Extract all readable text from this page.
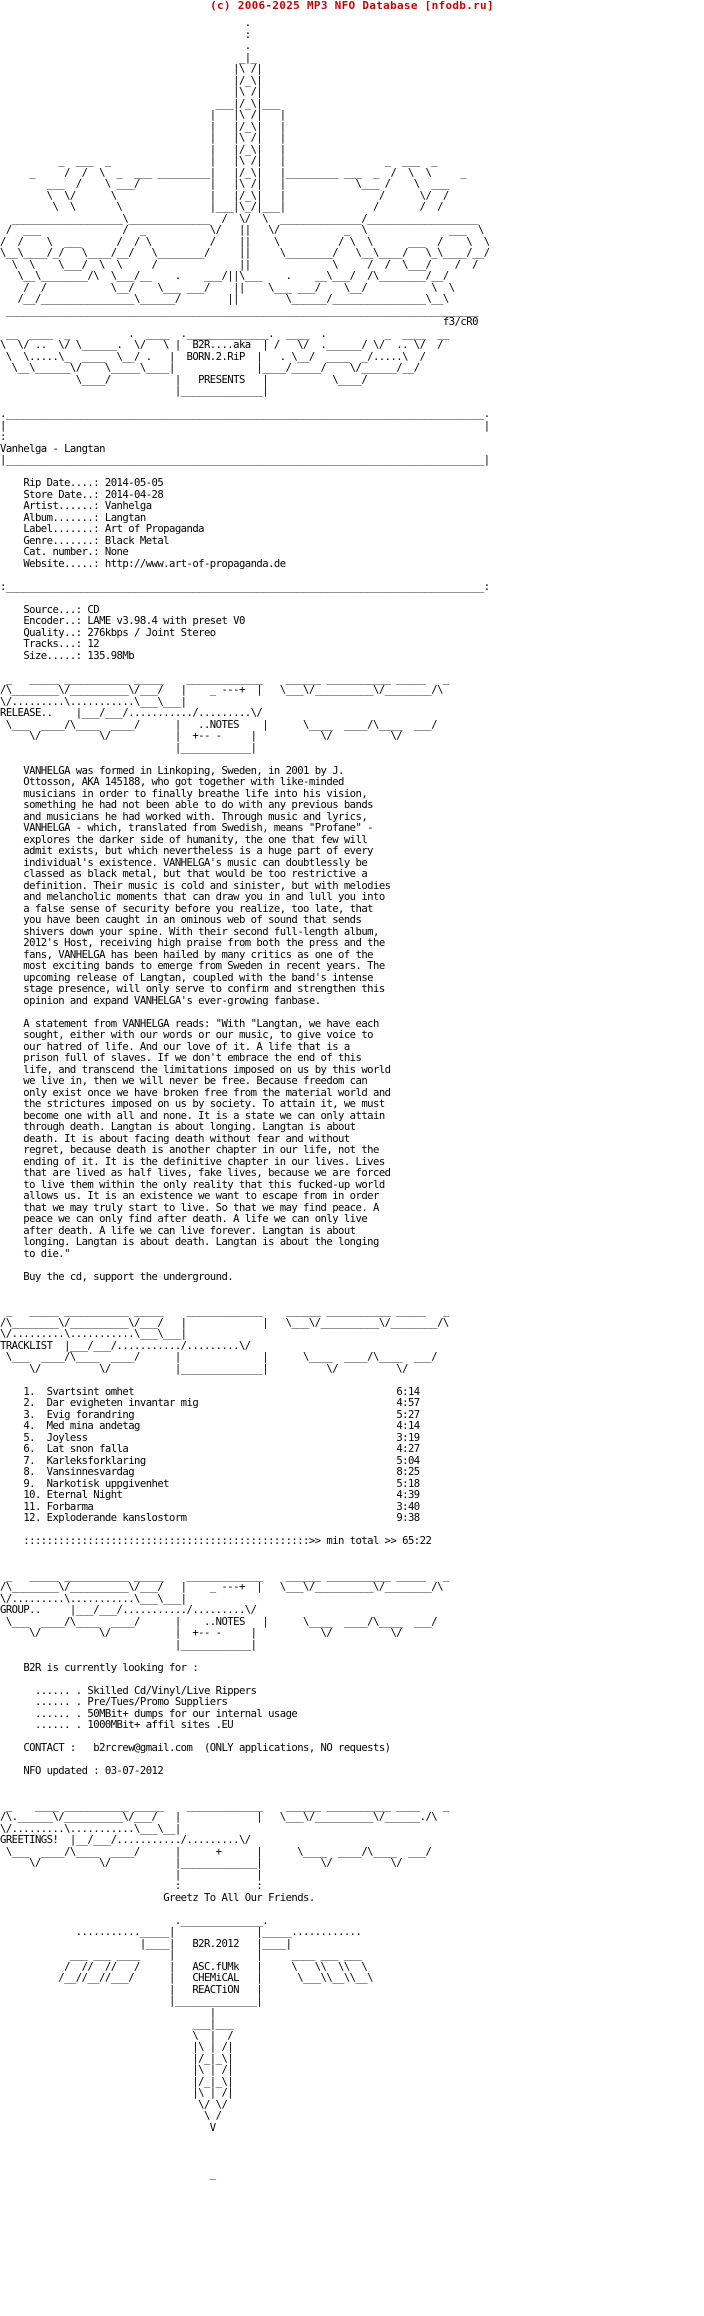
(c) 2006-2025 MP3 NFO Database [nfodb.ru]
.
:
.
_|_
|\ /|
|/_\|
|\ /|
___|/_\|___
|   |\ /|   |
|   |/_\|   |
|   |\ /|   |
|   |/_\|   |
_  ___  _                 |   |\ /|   |                 _  ___  _
_     /  /  \  _  ___ _________|   |/_\|   |_________ ___  _  /  \  \     _
___  /    \ ___/            |   |\ /|   |            \___ /    \  ___
\  \/      \                |   |/_\|   |                /      \/  /
\  \       \               |___|\_/|___|               /       /  /
___________________\______________  /  \/  \  ______________/___________________
/  ___              /  _           \/   ||   \/           _  \              ___  \
/  /    \  ___      /  / \          /    ||    \          / \  \      ___  /    \  \
\__\____/_/   \____/__/   \________/     ||     \________/   \__\____/   \_\____/__/
\  \    \___/  \  \     /              ||              \     /  /  \___/    /  /
\__\________/\  \___/__    .    ___/||\___    .    __\___/  /\________/__/
/  /           \__/    \___ ___/    ||    \___ ___/    \__/           \  \
/__/________________\______/        ||        \______/________________\__\
_________________________________________________________________________________
f3/cR0
__  ____  _          .  ____  .______________.  ____  .          _  ____  __
\  \/ ..  \/ \______.  \/   \ |  B2R....aka  | /   \/  .______/ \/  .. \/  /
\  \.....\_  ____  \__/ .   |  BORN.2.RiP  |   . \__/  ____  _/.....\  /
\__\______\/    \_____\____|              |____/_____/    \/______/__/
\____/           |   PRESENTS   |           \____/
|______________|

.__________________________________________________________________________________.
|                                                                                  |
:
Vanhelga - Langtan
|__________________________________________________________________________________|

Rip Date....: 2014-05-05
Store Date..: 2014-04-28
Artist......: Vanhelga
Album.......: Langtan
Label.......: Art of Propaganda
Genre.......: Black Metal
Cat. number.: None
Website.....: http://www.art-of-propaganda.de

:__________________________________________________________________________________:

Source...: CD
Encoder..: LAME v3.98.4 with preset V0
Quality..: 276kbps / Joint Stereo
Tracks...: 12
Size.....: 135.98Mb

_   _____ ___________ _____    _____________    ______ ___________ _____   _
/\________\/__________\/___/   |    _ ---+  |   \___\/__________\/________/\
\/.........\...........\___\___|
RELEASE..    |___/___/.........../.........\/
\___  ____/\____  ____/      |   ..NOTES    |      \____  ____/\____  ___/
\/          \/           |  +-- -     |           \/          \/
|____________|

VANHELGA was formed in Linkoping, Sweden, in 2001 by J.
Ottosson, AKA 145188, who got together with like-minded
musicians in order to finally breathe life into his vision,
something he had not been able to do with any previous bands
and musicians he had worked with. Through music and lyrics,
VANHELGA - which, translated from Swedish, means "Profane" -
explores the darker side of humanity, the one that few will
admit exists, but which nevertheless is a huge part of every
individual's existence. VANHELGA's music can doubtlessly be
classed as black metal, but that would be too restrictive a
definition. Their music is cold and sinister, but with melodies
and melancholic moments that can draw you in and lull you into
a false sense of security before you realize, too late, that
you have been caught in an ominous web of sound that sends
shivers down your spine. With their second full-length album,
2012's Host, receiving high praise from both the press and the
fans, VANHELGA has been hailed by many critics as one of the
most exciting bands to emerge from Sweden in recent years. The
upcoming release of Langtan, coupled with the band's intense
stage presence, will only serve to confirm and strengthen this
opinion and expand VANHELGA's ever-growing fanbase.

A statement from VANHELGA reads: "With "Langtan, we have each
sought, either with our words or our music, to give voice to
our hatred of life. And our love of it. A life that is a
prison full of slaves. If we don't embrace the end of this
life, and transcend the limitations imposed on us by this world
we live in, then we will never be free. Because freedom can
only exist once we have broken free from the material world and
the strictures imposed on us by society. To attain it, we must
become one with all and none. It is a state we can only attain
through death. Langtan is about longing. Langtan is about
death. It is about facing death without fear and without
regret, because death is another chapter in our life, not the
ending of it. It is the definitive chapter in our lives. Lives
that are lived as half lives, fake lives, because we are forced
to live them within the only reality that this fucked-up world
allows us. It is an existence we want to escape from in order
that we may truly start to live. So that we may find peace. A
peace we can only find after death. A life we can only live
after death. A life we can live forever. Langtan is about
longing. Langtan is about death. Langtan is about the longing
to die."

Buy the cd, support the underground.

_   _____ ___________ _____    _____________    ______ ___________ _____   _
/\________\/__________\/___/   |             |   \___\/__________\/________/\
\/.........\...........\___\___|
TRACKLIST  |___/___/.........../.........\/
\___  ____/\____  ____/      |              |      \____  ____/\____  ___/
\/          \/           |______________|          \/          \/

1.  Svartsint omhet	6:14
2.  Dar evigheten invantar mig	4:57
3.  Evig forandring	5:27
4.  Med mina andetag	4:14
5.  Joyless	3:19
6.  Lat snon falla	4:27
7.  Karleksforklaring	5:04
8.  Vansinnesvardag	8:25
9.  Narkotisk uppgivenhet	5:18
10. Eternal Night	4:39
11. Forbarma	3:40
12. Exploderande kanslostorm	9:38

:::::::::::::::::::::::::::::::::::::::::::::::::>> min total >> 65:22

_   _____ ___________ _____    _____________    ______ ___________ _____   _
/\________\/__________\/___/   |    _ ---+  |   \___\/__________\/________/\
\/.........\...........\___\___|
GROUP..	|___/___/.........../.........\/
\___  ____/\____  ____/      |    ..NOTES   |      \____  ____/\____  ___/
\/          \/           |  +-- -     |           \/          \/
|____________|

B2R is currently looking for :

...... . Skilled Cd/Vinyl/Live Rippers
...... . Pre/Tues/Promo Suppliers
...... . 50MBit+ dumps for our internal usage
...... . 1000MBit+ affil sites .EU

CONTACT : b2rcrew@gmail.com  (ONLY applications, NO requests)

NFO updated : 03-07-2012

_    ____ ___________ _____    _____________    ______ ___________ ____    _
/\.______\/__________\/___/   |             |   \___\/__________\/______./\
\/.........\...........\___\__|
GREETINGS!  |__/___/.........../.........\/
\___  ____/\____  ____/      |      +      |      \____  ____/\____  ___/
\/          \/           |_____________|          \/          \/
|             |
:             :
Greetz To All Our Friends.

.______________.
..........._____|              |_____............
|____|   B2R.2012   |____|
___ ___ ____     |              |     ____ ___ ___
/  //  //   /     |   ASC.fUMk   |     \   \\  \\  \
/__//__//___/      |   CHEMiCAL   |      \___\\__\\__\
|   REACTiON   |
|______________|
|
___|___
\  |  /
|\ | /|
|/_|_\|
|\ | /|
|/_|_\|
|\ | /|
\/ \/
\ /
V

_
